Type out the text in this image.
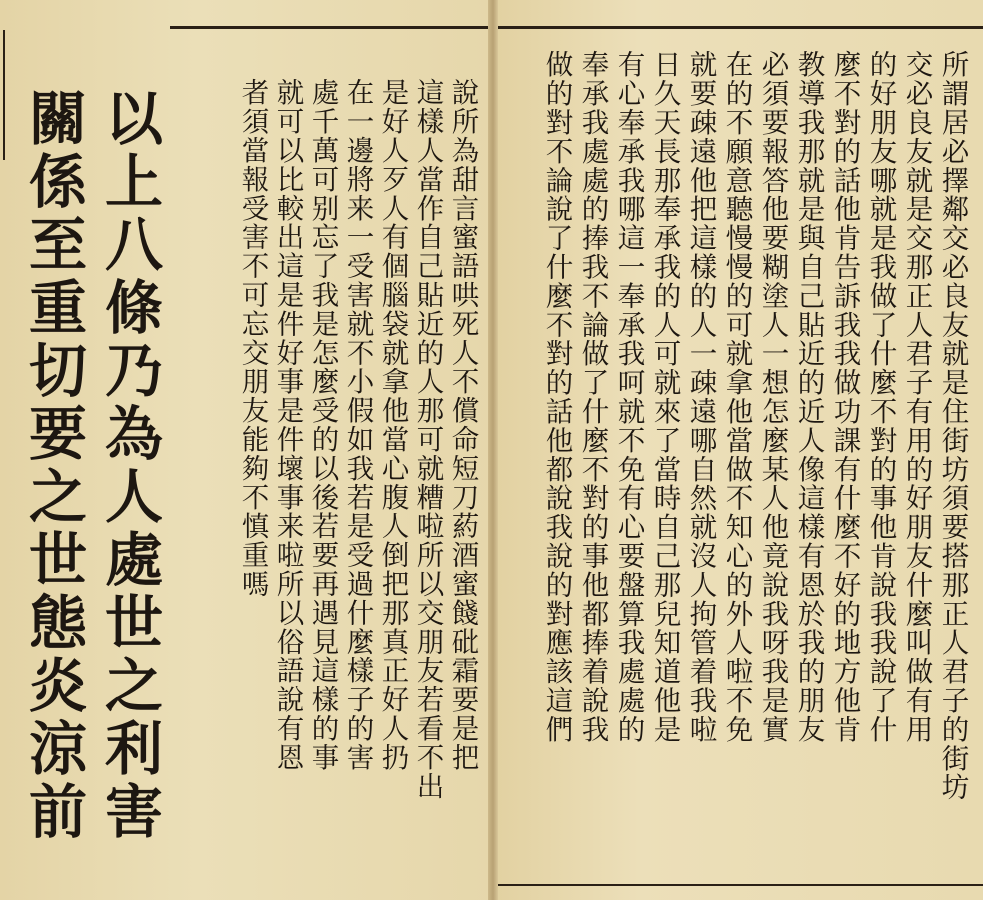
以上八條乃為人處世之利害
關係至重切要之世態炎涼前	說所為甜言蜜語哄死人不償命短刀葯酒蜜餞砒霜要是把
這樣人當作自己貼近的人那可就糟啦所以交朋友若看不出
是好人歹人有個腦袋就拿他當心腹人倒把那真正好人扔
在一邊將来一受害就不小假如我若是受過什麼樣子的害
處千萬可别忘了我是怎麼受的以後若要再遇見這樣的事
就可以比較出這是件好事是件壞事来啦所以俗語說有恩
者須當報受害不可忘交朋友能夠不慎重嗎	所謂居必擇鄰交必良友就是住街坊須要搭那正人君子的街坊
交必良友就是交那正人君子有用的好朋友什麼叫做有用
的好朋友哪就是我做了什麼不對的事他肯說我我說了什
麼不對的話他肯告訴我我做功課有什麼不好的地方他肯
教導我那就是與自己貼近的近人像這樣有恩於我的朋友
必須要報答他要糊塗人一想怎麼某人他竟說我呀我是實
在的不願意聽慢慢的可就拿他當做不知心的外人啦不免
就要疎遠他把這樣的人一疎遠哪自然就沒人拘管着我啦
日久天長那奉承我的人可就來了當時自己那兒知道他是
有心奉承我哪這一奉承我呵就不免有心要盤算我處處的
奉承我處處的捧我不論做了什麼不對的事他都捧着說我
做的對不論說了什麼不對的話他都說我說的對應該這們
